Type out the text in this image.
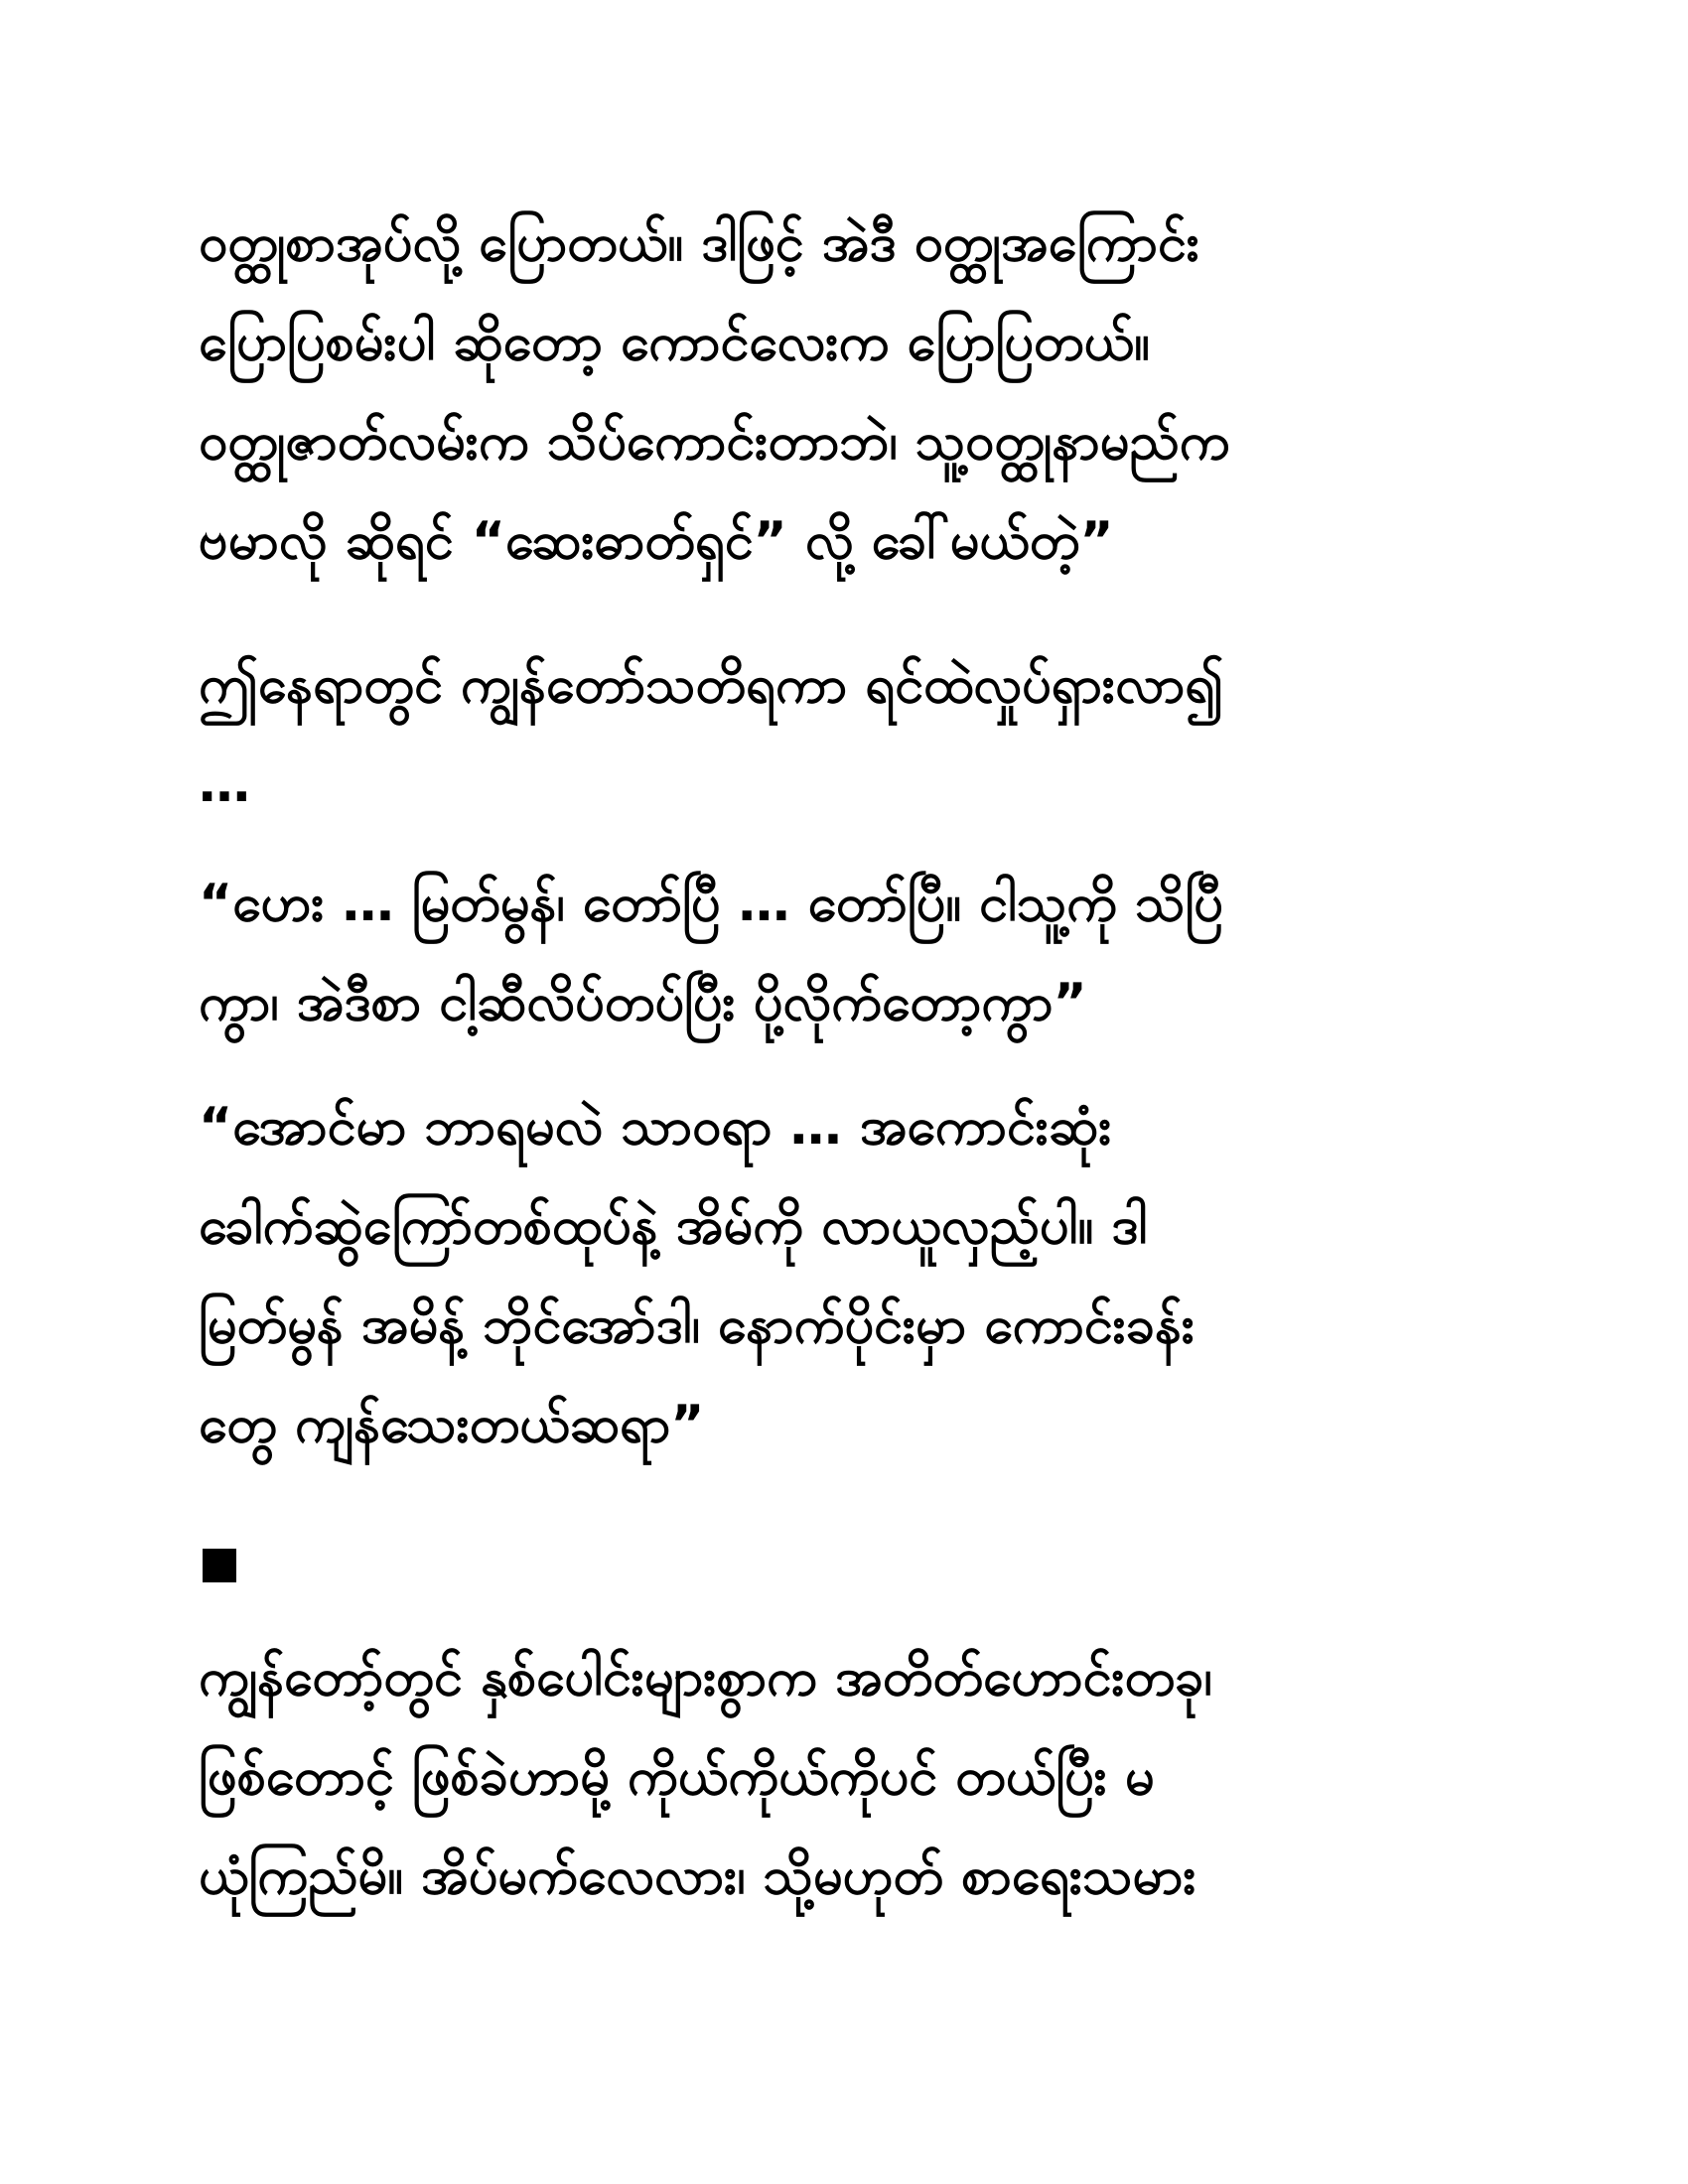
ဝတ္ထုစာအုပ်လို့ ပြောတယ်။ ဒါဖြင့် အဲဒီ ဝတ္ထုအကြောင်း
ပြောပြစမ်းပါ ဆိုတော့ ကောင်လေးက ပြောပြတယ်။
ဝတ္ထုဇာတ်လမ်းက သိပ်ကောင်းတာဘဲ၊ သူ့ဝတ္ထုနာမည်က
ဗမာလို ဆိုရင် “ဆေးဓာတ်ရှင်” လို့ ခေါ်မယ်တဲ့”
ဤနေရာတွင် ကျွန်တော်သတိရကာ ရင်ထဲလှုပ်ရှားလာ၍
…
“ဟေး … မြတ်မွန်၊ တော်ပြီ … တော်ပြီ။ ငါသူ့ကို သိပြီ
ကွာ၊ အဲဒီစာ ငါ့ဆီလိပ်တပ်ပြီး ပို့လိုက်တော့ကွာ”
“အောင်မာ ဘာရမလဲ သာဝရာ … အကောင်းဆုံး
ခေါက်ဆွဲကြော်တစ်ထုပ်နဲ့ အိမ်ကို လာယူလှည့်ပါ။ ဒါ
မြတ်မွန် အမိန့် ဘိုင်အော်ဒါ၊ နောက်ပိုင်းမှာ ကောင်းခန်း
တွေ ကျန်သေးတယ်ဆရာ”
ကျွန်တော့်တွင် နှစ်ပေါင်းများစွာက အတိတ်ဟောင်းတခု၊
ဖြစ်တောင့် ဖြစ်ခဲဟာမို့ ကိုယ်ကိုယ်ကိုပင် တယ်ပြီး မ
ယုံကြည်မိ။ အိပ်မက်လေလား၊ သို့မဟုတ် စာရေးသမား
